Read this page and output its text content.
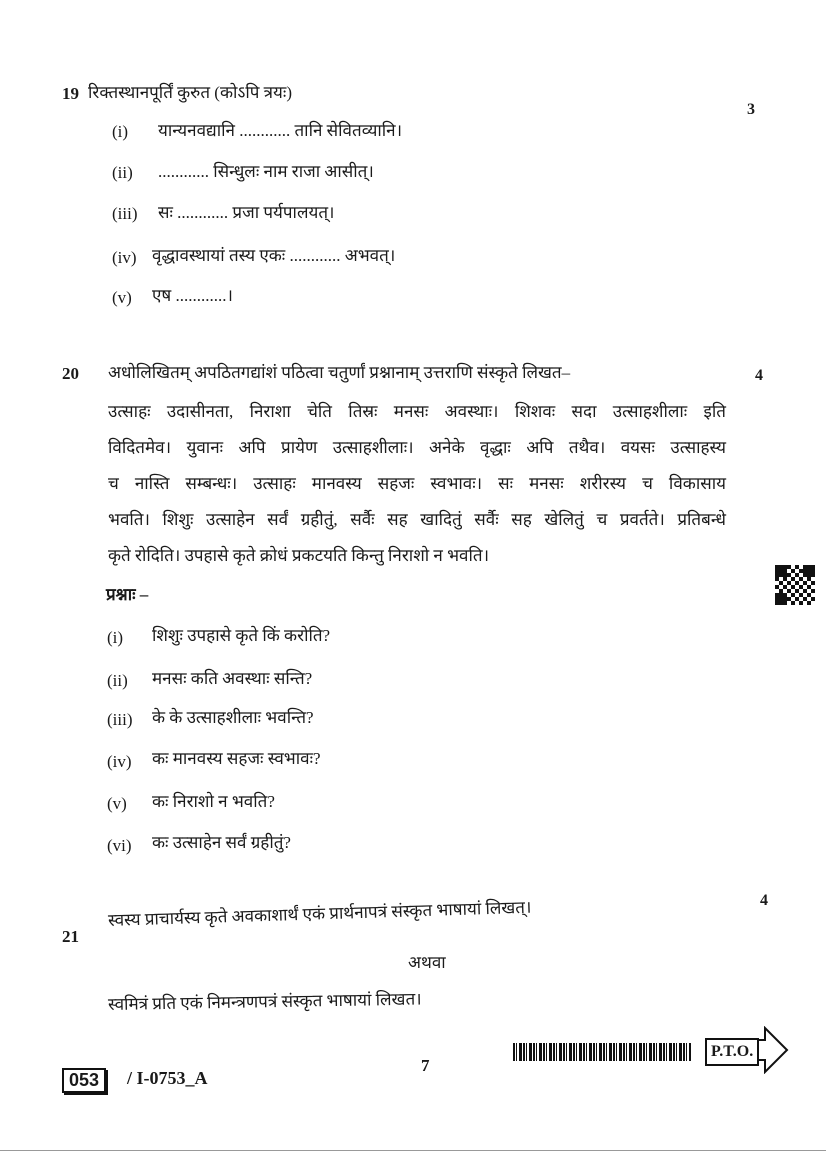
19 रिक्तस्थानपूर्तिं कुरुत (कोऽपि त्रयः)
3
(i) यान्यनवद्यानि ............ तानि सेवितव्यानि।
(ii) ............ सिन्धुलः नाम राजा आसीत्।
(iii) सः ............ प्रजा पर्यपालयत्।
(iv) वृद्धावस्थायां तस्य एकः ............ अभवत्।
(v) एष ............।
20 अधोलिखितम् अपठितगद्यांशं पठित्वा चतुर्णां प्रश्नानाम् उत्तराणि संस्कृते लिखत–	4
उत्साहः उदासीनता, निराशा चेति तिस्रः मनसः अवस्थाः। शिशवः सदा उत्साहशीलाः इति
विदितमेव। युवानः अपि प्रायेण उत्साहशीलाः। अनेके वृद्धाः अपि तथैव। वयसः उत्साहस्य
च नास्ति सम्बन्धः। उत्साहः मानवस्य सहजः स्वभावः। सः मनसः शरीरस्य च विकासाय
भवति। शिशुः उत्साहेन सर्वं ग्रहीतुं, सर्वैः सह खादितुं सर्वैः सह खेलितुं च प्रवर्तते। प्रतिबन्धे
कृते रोदिति। उपहासे कृते क्रोधं प्रकटयति किन्तु निराशो न भवति।
प्रश्नाः –
(i) शिशुः उपहासे कृते किं करोति?
(ii) मनसः कति अवस्थाः सन्ति?
(iii) के के उत्साहशीलाः भवन्ति?
(iv) कः मानवस्य सहजः स्वभावः?
(v) कः निराशो न भवति?
(vi) कः उत्साहेन सर्वं ग्रहीतुं?
4
21
स्वस्य प्राचार्यस्य कृते अवकाशार्थं एकं प्रार्थनापत्रं संस्कृत भाषायां लिखत्।
अथवा
स्वमित्रं प्रति एकं निमन्त्रणपत्रं संस्कृत भाषायां लिखत।
053	/ I-0753_A
7
P.T.O.
